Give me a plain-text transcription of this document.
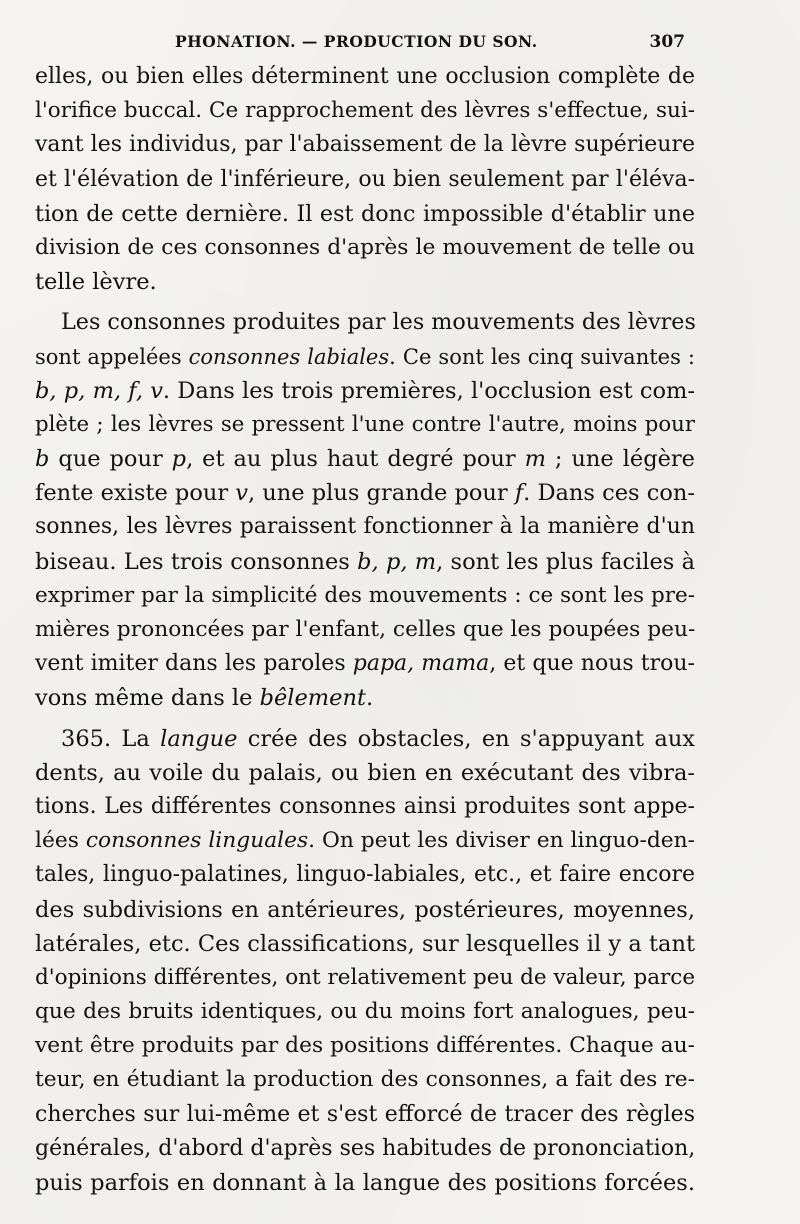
PHONATION. — PRODUCTION DU SON.	307
elles, ou bien elles déterminent une occlusion complète de
l'orifice buccal. Ce rapprochement des lèvres s'effectue, sui-
vant les individus, par l'abaissement de la lèvre supérieure
et l'élévation de l'inférieure, ou bien seulement par l'éléva-
tion de cette dernière. Il est donc impossible d'établir une
division de ces consonnes d'après le mouvement de telle ou
telle lèvre.
Les consonnes produites par les mouvements des lèvres
sont appelées consonnes labiales. Ce sont les cinq suivantes :
b, p, m, f, v. Dans les trois premières, l'occlusion est com-
plète ; les lèvres se pressent l'une contre l'autre, moins pour
b que pour p, et au plus haut degré pour m ; une légère
fente existe pour v, une plus grande pour f. Dans ces con-
sonnes, les lèvres paraissent fonctionner à la manière d'un
biseau. Les trois consonnes b, p, m, sont les plus faciles à
exprimer par la simplicité des mouvements : ce sont les pre-
mières prononcées par l'enfant, celles que les poupées peu-
vent imiter dans les paroles papa, mama, et que nous trou-
vons même dans le bêlement.
365. La langue crée des obstacles, en s'appuyant aux
dents, au voile du palais, ou bien en exécutant des vibra-
tions. Les différentes consonnes ainsi produites sont appe-
lées consonnes linguales. On peut les diviser en linguo-den-
tales, linguo-palatines, linguo-labiales, etc., et faire encore
des subdivisions en antérieures, postérieures, moyennes,
latérales, etc. Ces classifications, sur lesquelles il y a tant
d'opinions différentes, ont relativement peu de valeur, parce
que des bruits identiques, ou du moins fort analogues, peu-
vent être produits par des positions différentes. Chaque au-
teur, en étudiant la production des consonnes, a fait des re-
cherches sur lui-même et s'est efforcé de tracer des règles
générales, d'abord d'après ses habitudes de prononciation,
puis parfois en donnant à la langue des positions forcées.
